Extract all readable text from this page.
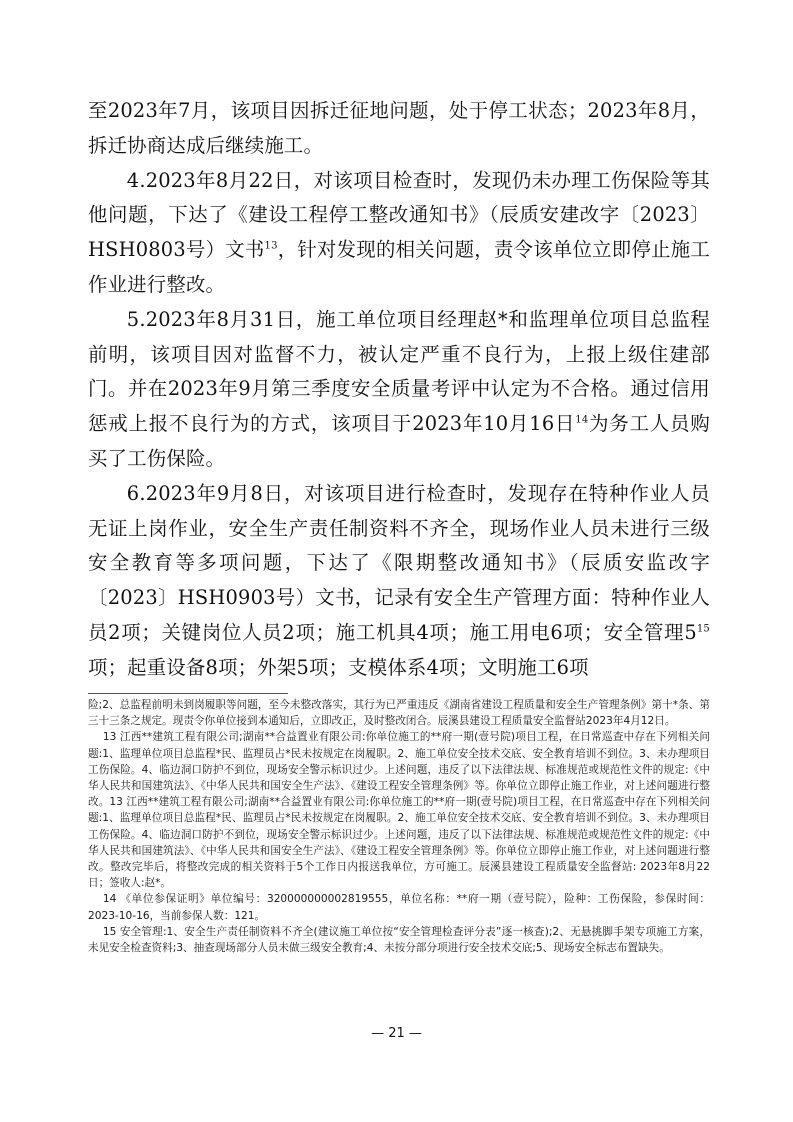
至2023年7月，该项目因拆迁征地问题，处于停工状态；2023年8月，拆迁协商达成后继续施工。

4.2023年8月22日，对该项目检查时，发现仍未办理工伤保险等其他问题，下达了《建设工程停工整改通知书》（辰质安建改字〔2023〕HSH0803号）文书$^{13}$，针对发现的相关问题，责令该单位立即停止施工作业进行整改。

5.2023年8月31日，施工单位项目经理赵*和监理单位项目总监程前明，该项目因对监督不力，被认定严重不良行为，上报上级住建部门。并在2023年9月第三季度安全质量考评中认定为不合格。通过信用惩戒上报不良行为的方式，该项目于2023年10月16日$^{14}$为务工人员购买了工伤保险。

6.2023年9月8日，对该项目进行检查时，发现存在特种作业人员无证上岗作业，安全生产责任制资料不齐全，现场作业人员未进行三级安全教育等多项问题，下达了《限期整改通知书》（辰质安监改字〔2023〕HSH0903号）文书，记录有安全生产管理方面：特种作业人员2项；关键岗位人员2项；施工机具4项；施工用电6项；安全管理$5^{15}$项；起重设备8项；外架5项；支模体系4项；文明施工6项

险;2、总监程前明未到岗履职等问题，至今未整改落实，其行为已严重违反《湖南省建设工程质量和安全生产管理条例》第十*条、第三十三条之规定。现责令你单位接到本通知后，立即改正，及时整改闭合。辰溪县建设工程质量安全监督站2023年4月12日。

13 江西**建筑工程有限公司;湖南**合益置业有限公司:你单位施工的**府一期(壹号院)项目工程，在日常巡查中存在下列相关问题:1、监理单位项目总监程*民、监理员占*民未按规定在岗履职。2、施工单位安全技术交底、安全教育培训不到位。3、未办理项目工伤保险。4、临边洞口防护不到位，现场安全警示标识过少。上述问题，违反了以下法律法规、标准规范或规范性文件的规定:《中华人民共和国建筑法》、《中华人民共和国安全生产法》、《建设工程安全管理条例》等。你单位立即停止施工作业，对上述问题进行整改。13 江西**建筑工程有限公司;湖南**合益置业有限公司:你单位施工的**府一期(壹号院)项目工程，在日常巡查中存在下列相关问题:1、监理单位项目总监程*民、监理员占*民未按规定在岗履职。2、施工单位安全技术交底、安全教育培训不到位。3、未办理项目工伤保险。4、临边洞口防护不到位，现场安全警示标识过少。上述问题，违反了以下法律法规、标准规范或规范性文件的规定:《中华人民共和国建筑法》、《中华人民共和国安全生产法》、《建设工程安全管理条例》等。你单位立即停止施工作业，对上述问题进行整改。整改完毕后，将整改完成的相关资料于5个工作日内报送我单位，方可施工。辰溪县建设工程质量安全监督站: 2023年8月22日；签收人:赵*。

14 《单位参保证明》单位编号：320000000002819555，单位名称：**府一期（壹号院），险种：工伤保险，参保时间：2023-10-16，当前参保人数：121。

15 安全管理:1、安全生产责任制资料不齐全(建议施工单位按“安全管理检查评分表”逐一核查);2、无悬挑脚手架专项施工方案，未见安全检查资料;3、抽查现场部分人员未做三级安全教育;4、未按分部分项进行安全技术交底;5、现场安全标志布置缺失。

— 21 —
